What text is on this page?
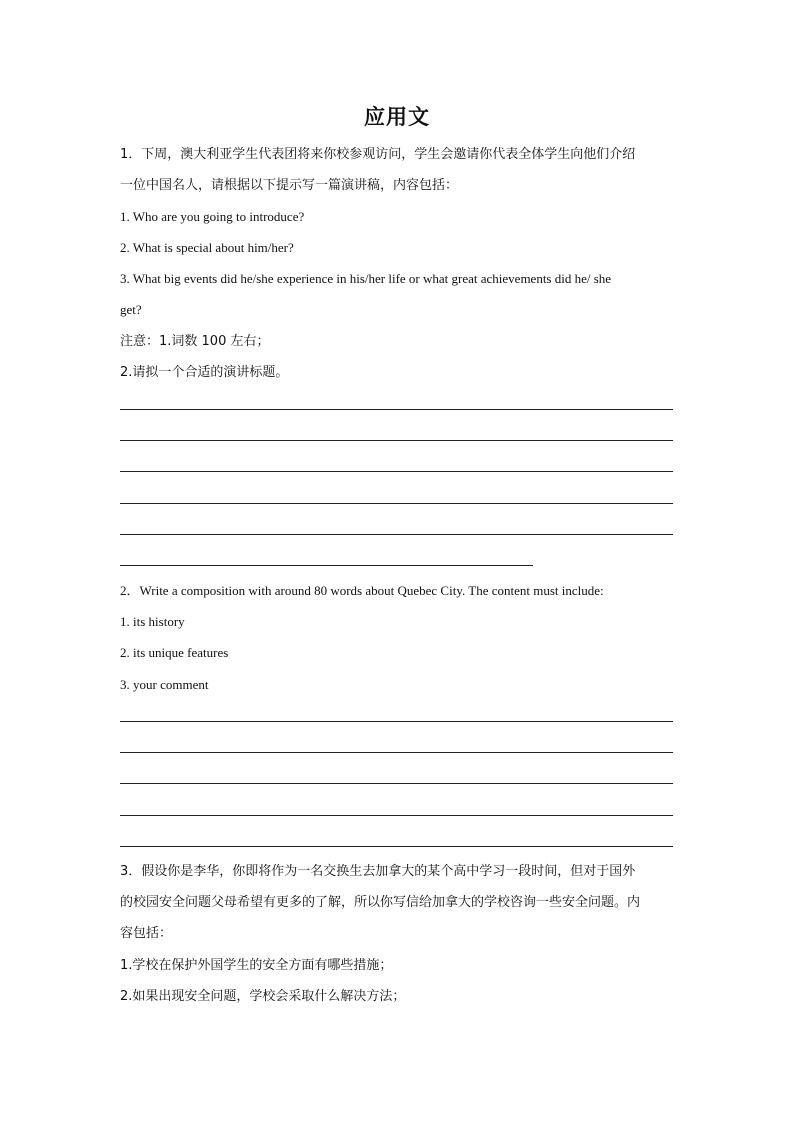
应用文
1．下周，澳大利亚学生代表团将来你校参观访问，学生会邀请你代表全体学生向他们介绍
一位中国名人，请根据以下提示写一篇演讲稿，内容包括：
1. Who are you going to introduce?
2. What is special about him/her?
3. What big events did he/she experience in his/her life or what great achievements did he/ she
get?
注意：1.词数 100 左右；
2.请拟一个合适的演讲标题。
2．Write a composition with around 80 words about Quebec City. The content must include:
1. its history
2. its unique features
3. your comment
3．假设你是李华，你即将作为一名交换生去加拿大的某个高中学习一段时间，但对于国外
的校园安全问题父母希望有更多的了解，所以你写信给加拿大的学校咨询一些安全问题。内
容包括：
1.学校在保护外国学生的安全方面有哪些措施；
2.如果出现安全问题，学校会采取什么解决方法；
